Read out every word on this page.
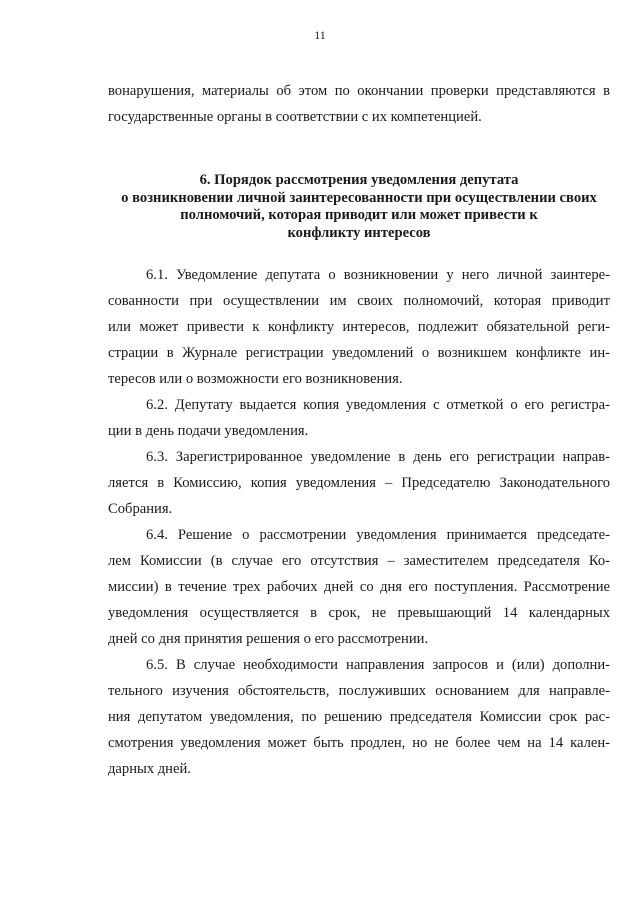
11
вонарушения, материалы об этом по окончании проверки представляются в
государственные органы в соответствии с их компетенцией.
6. Порядок рассмотрения уведомления депутата
о возникновении личной заинтересованности при осуществлении своих
полномочий, которая приводит или может привести к
конфликту интересов
6.1. Уведомление депутата о возникновении у него личной заинтере-
сованности при осуществлении им своих полномочий, которая приводит
или может привести к конфликту интересов, подлежит обязательной реги-
страции в Журнале регистрации уведомлений о возникшем конфликте ин-
тересов или о возможности его возникновения.
6.2. Депутату выдается копия уведомления с отметкой о его регистра-
ции в день подачи уведомления.
6.3. Зарегистрированное уведомление в день его регистрации направ-
ляется в Комиссию, копия уведомления – Председателю Законодательного
Собрания.
6.4. Решение о рассмотрении уведомления принимается председате-
лем Комиссии (в случае его отсутствия – заместителем председателя Ко-
миссии) в течение трех рабочих дней со дня его поступления. Рассмотрение
уведомления осуществляется в срок, не превышающий 14 календарных
дней со дня принятия решения о его рассмотрении.
6.5. В случае необходимости направления запросов и (или) дополни-
тельного изучения обстоятельств, послуживших основанием для направле-
ния депутатом уведомления, по решению председателя Комиссии срок рас-
смотрения уведомления может быть продлен, но не более чем на 14 кален-
дарных дней.
